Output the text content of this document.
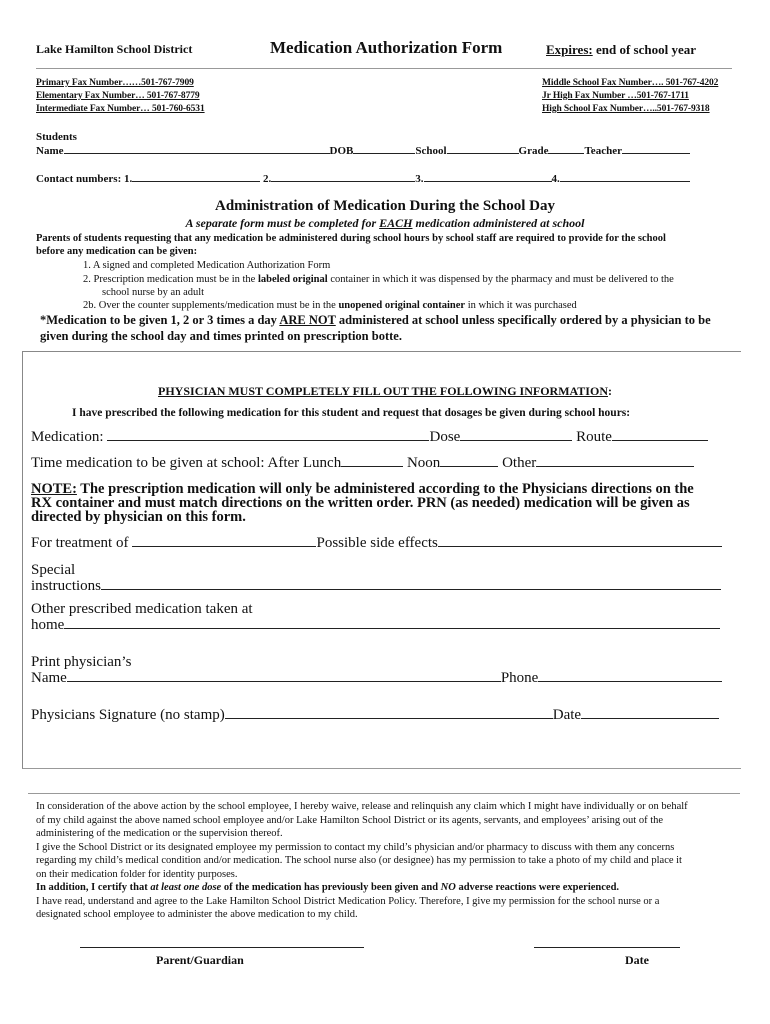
Lake Hamilton School District	Medication Authorization Form	Expires: end of school year
Primary Fax Number……501-767-7909
Elementary Fax Number… 501-767-8779
Intermediate Fax Number… 501-760-6531
Middle School Fax Number…. 501-767-4202
Jr High Fax Number …501-767-1711
High School Fax Number…..501-767-9318
Students
Name	DOB	School	Grade	Teacher
Contact numbers: 1.	2.	3.	4.
Administration of Medication During the School Day
A separate form must be completed for EACH medication administered at school
Parents of students requesting that any medication be administered during school hours by school staff are required to provide for the school
before any medication can be given:
1. A signed and completed Medication Authorization Form
2. Prescription medication must be in the labeled original container in which it was dispensed by the pharmacy and must be delivered to the
school nurse by an adult
2b. Over the counter supplements/medication must be in the unopened original container in which it was purchased
*Medication to be given 1, 2 or 3 times a day ARE NOT administered at school unless specifically ordered by a physician to be
given during the school day and times printed on prescription botte.
PHYSICIAN MUST COMPLETELY FILL OUT THE FOLLOWING INFORMATION:
I have prescribed the following medication for this student and request that dosages be given during school hours:
Medication:	Dose	Route
Time medication to be given at school: After Lunch	Noon	Other
NOTE: The prescription medication will only be administered according to the Physicians directions on the
RX container and must match directions on the written order. PRN (as needed) medication will be given as
directed by physician on this form.
For treatment of	Possible side effects
Special
instructions
Other prescribed medication taken at
home
Print physician’s
Name	Phone
Physicians Signature (no stamp)	Date
In consideration of the above action by the school employee, I hereby waive, release and relinquish any claim which I might have individually or on behalf
of my child against the above named school employee and/or Lake Hamilton School District or its agents, servants, and employees’ arising out of the
administering of the medication or the supervision thereof.
I give the School District or its designated employee my permission to contact my child’s physician and/or pharmacy to discuss with them any concerns
regarding my child’s medical condition and/or medication. The school nurse also (or designee) has my permission to take a photo of my child and place it
on their medication folder for identity purposes.
In addition, I certify that at least one dose of the medication has previously been given and NO adverse reactions were experienced.
I have read, understand and agree to the Lake Hamilton School District Medication Policy. Therefore, I give my permission for the school nurse or a
designated school employee to administer the above medication to my child.
Parent/Guardian	Date
